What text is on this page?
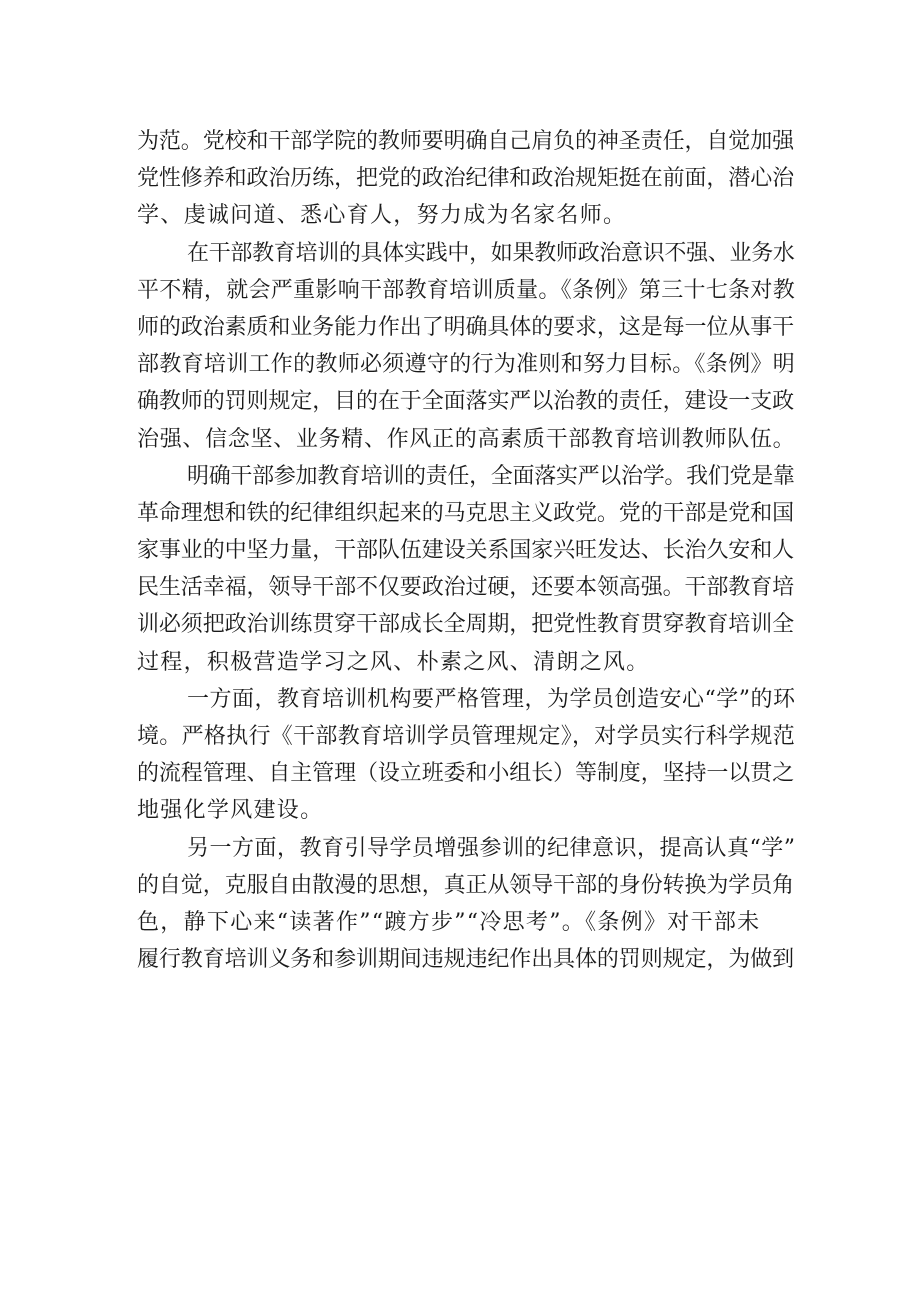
为范。党校和干部学院的教师要明确自己肩负的神圣责任，自觉加强
党性修养和政治历练，把党的政治纪律和政治规矩挺在前面，潜心治
学、虔诚问道、悉心育人，努力成为名家名师。
在干部教育培训的具体实践中，如果教师政治意识不强、业务水
平不精，就会严重影响干部教育培训质量。《条例》第三十七条对教
师的政治素质和业务能力作出了明确具体的要求，这是每一位从事干
部教育培训工作的教师必须遵守的行为准则和努力目标。《条例》明
确教师的罚则规定，目的在于全面落实严以治教的责任，建设一支政
治强、信念坚、业务精、作风正的高素质干部教育培训教师队伍。
明确干部参加教育培训的责任，全面落实严以治学。我们党是靠
革命理想和铁的纪律组织起来的马克思主义政党。党的干部是党和国
家事业的中坚力量，干部队伍建设关系国家兴旺发达、长治久安和人
民生活幸福，领导干部不仅要政治过硬，还要本领高强。干部教育培
训必须把政治训练贯穿干部成长全周期，把党性教育贯穿教育培训全
过程，积极营造学习之风、朴素之风、清朗之风。
一方面，教育培训机构要严格管理，为学员创造安心“学”的环
境。严格执行《干部教育培训学员管理规定》，对学员实行科学规范
的流程管理、自主管理（设立班委和小组长）等制度，坚持一以贯之
地强化学风建设。
另一方面，教育引导学员增强参训的纪律意识，提高认真“学”
的自觉，克服自由散漫的思想，真正从领导干部的身份转换为学员角
色，静下心来“读著作”“踱方步”“冷思考”。《条例》对干部未
履行教育培训义务和参训期间违规违纪作出具体的罚则规定，为做到
